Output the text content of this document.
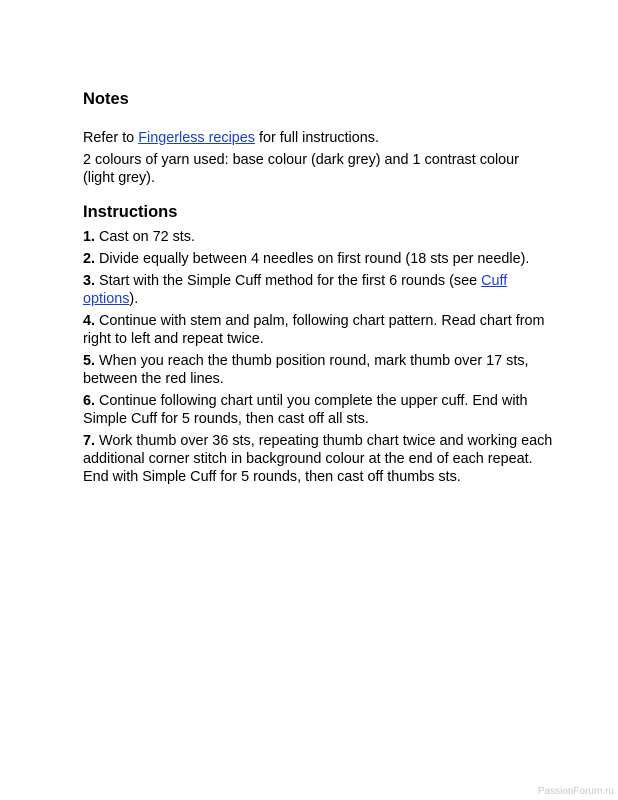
Notes

Refer to Fingerless recipes for full instructions.

2 colours of yarn used: base colour (dark grey) and 1 contrast colour (light grey).

Instructions

1. Cast on 72 sts.

2. Divide equally between 4 needles on first round (18 sts per needle).

3. Start with the Simple Cuff method for the first 6 rounds (see Cuff options).

4. Continue with stem and palm, following chart pattern. Read chart from right to left and repeat twice.

5. When you reach the thumb position round, mark thumb over 17 sts, between the red lines.

6. Continue following chart until you complete the upper cuff. End with Simple Cuff for 5 rounds, then cast off all sts.

7. Work thumb over 36 sts, repeating thumb chart twice and working each additional corner stitch in background colour at the end of each repeat. End with Simple Cuff for 5 rounds, then cast off thumbs sts.

PassionForum.ru
